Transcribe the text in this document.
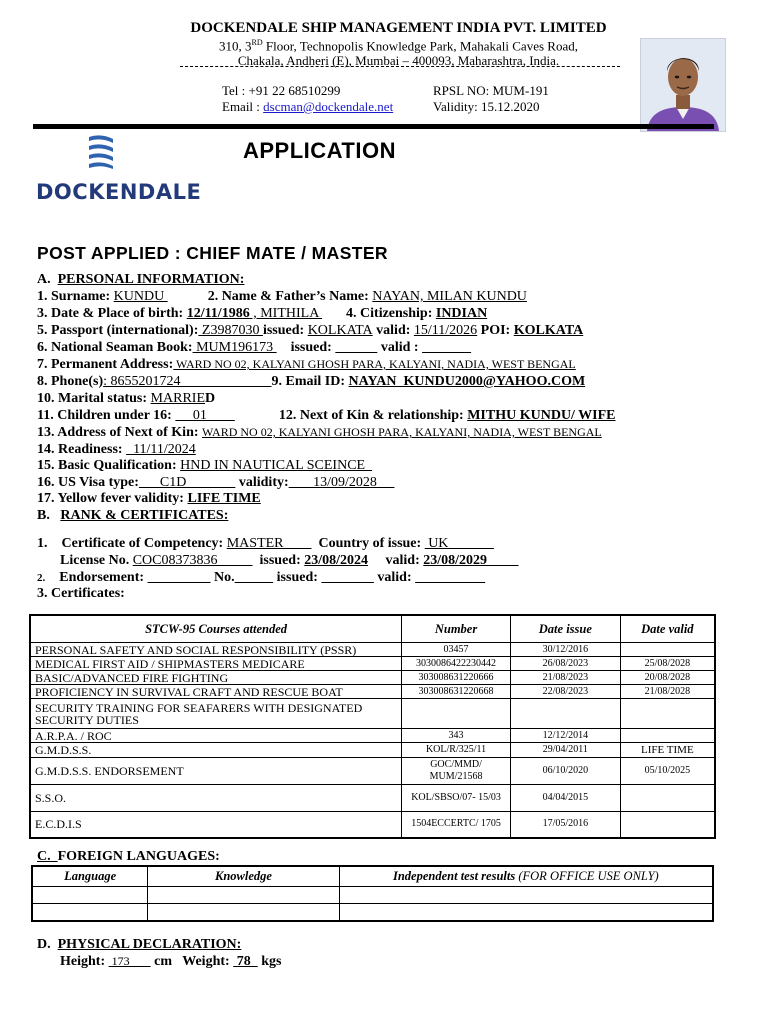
DOCKENDALE SHIP MANAGEMENT INDIA PVT. LIMITED
310, 3RD Floor, Technopolis Knowledge Park, Mahakali Caves Road,
Chakala, Andheri (E), Mumbai – 400093, Maharashtra, India.
Tel : +91 22 68510299
Email : dscman@dockendale.net
RPSL NO: MUM-191
Validity: 15.12.2020
DOCKENDALE
APPLICATION
POST APPLIED : CHIEF MATE / MASTER
A. PERSONAL INFORMATION:
1. Surname: KUNDU	2. Name & Father’s Name: NAYAN, MILAN KUNDU
3. Date & Place of birth: 12/11/1986 , MITHILA 4. Citizenship: INDIAN
5. Passport (international): Z3987030 issued: KOLKATA valid: 15/11/2026 POI: KOLKATA
6. National Seaman Book: MUM196173 issued:	valid :
7. Permanent Address: WARD NO 02, KALYANI GHOSH PARA, KALYANI, NADIA, WEST BENGAL
8. Phone(s): 8655201724                          9. Email ID: NAYAN_KUNDU2000@YAHOO.COM
10. Marital status: MARRIED
11. Children under 16:      01	12. Next of Kin & relationship: MITHU KUNDU/ WIFE
13. Address of Next of Kin: WARD NO 02, KALYANI GHOSH PARA, KALYANI, NADIA, WEST BENGAL
14. Readiness:   11/11/2024
15. Basic Qualification: HND IN NAUTICAL SCEINCE
16. US Visa type:      C1D               validity:       13/09/2028
17. Yellow fever validity: LIFE TIME
B. RANK & CERTIFICATES:
1.    Certificate of Competency: MASTER          Country of issue:  UK
License No. COC08373836            issued: 23/08/2024     valid: 23/08/2029
2.    Endorsement:	No.	issued:	valid:
3. Certificates:
STCW-95 Courses attended	Number	Date issue	Date valid
PERSONAL SAFETY AND SOCIAL RESPONSIBILITY (PSSR)	03457	30/12/2016	
MEDICAL FIRST AID / SHIPMASTERS MEDICARE	3030086422230442	26/08/2023	25/08/2028
BASIC/ADVANCED FIRE FIGHTING	303008631220666	21/08/2023	20/08/2028
PROFICIENCY IN SURVIVAL CRAFT AND RESCUE BOAT	303008631220668	22/08/2023	21/08/2028
SECURITY TRAINING FOR SEAFARERS WITH DESIGNATED SECURITY DUTIES			
A.R.P.A. / ROC	343	12/12/2014	
G.M.D.S.S.	KOL/R/325/11	29/04/2011	LIFE TIME
G.M.D.S.S. ENDORSEMENT	GOC/MMD/ MUM/21568	06/10/2020	05/10/2025
S.S.O.	KOL/SBSO/07- 15/03	04/04/2015	
E.C.D.I.S	1504ECCERTC/ 1705	17/05/2016	
C. FOREIGN LANGUAGES:
Language	Knowledge	Independent test results (FOR OFFICE USE ONLY)

D. PHYSICAL DECLARATION:
Height:  173       cm   Weight:  78   kgs
